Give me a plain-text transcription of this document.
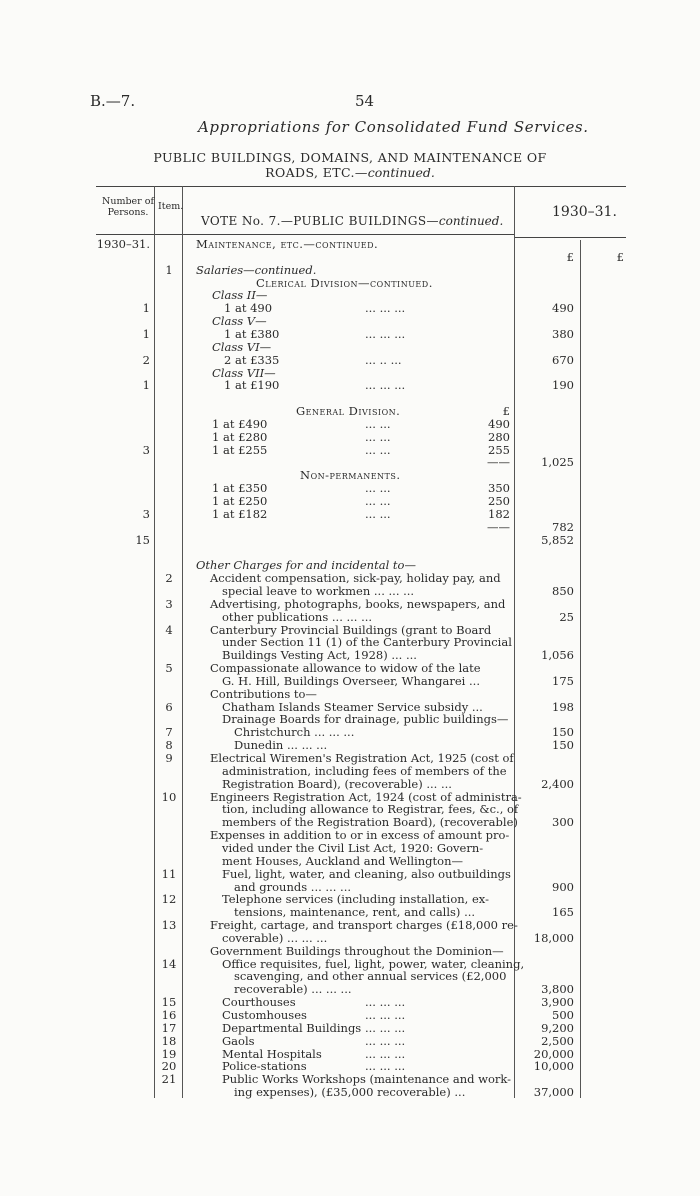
B.—7.	54
Appropriations for Consolidated Fund Services.
PUBLIC BUILDINGS, DOMAINS, AND MAINTENANCE OF
ROADS, ETC.—continued.
Number of Persons.
Item.
VOTE No. 7.—PUBLIC BUILDINGS—continued.
1930–31.
1930–31.	Maintenance, etc.—continued.
£	£
1	Salaries—continued.
Clerical Division—continued.
Class II—
1	1 at 490	... ... ...	490
Class V—
1	1 at £380	... ... ...	380
Class VI—
2	2 at £335	... .. ...	670
Class VII—
1	1 at £190	... ... ...	190
General Division.	£
1 at £490	... ...	490
1 at £280	... ...	280
3	1 at £255	... ...	255
——	1,025
Non-permanents.
1 at £350	... ...	350
1 at £250	... ...	250
3	1 at £182	... ...	182
——	782
15	5,852
Other Charges for and incidental to—
2	Accident compensation, sick-pay, holiday pay, and
special leave to workmen ... ... ...	850
3	Advertising, photographs, books, newspapers, and
other publications ... ... ...	25
4	Canterbury Provincial Buildings (grant to Board
under Section 11 (1) of the Canterbury Provincial
Buildings Vesting Act, 1928) ... ...	1,056
5	Compassionate allowance to widow of the late
G. H. Hill, Buildings Overseer, Whangarei ...	175
Contributions to—
6	Chatham Islands Steamer Service subsidy ...	198
Drainage Boards for drainage, public buildings—
7	Christchurch ... ... ...	150
8	Dunedin ... ... ...	150
9	Electrical Wiremen's Registration Act, 1925 (cost of
administration, including fees of members of the
Registration Board), (recoverable) ... ...	2,400
10	Engineers Registration Act, 1924 (cost of administra-
tion, including allowance to Registrar, fees, &c., of
members of the Registration Board), (recoverable)	300
Expenses in addition to or in excess of amount pro-
vided under the Civil List Act, 1920: Govern-
ment Houses, Auckland and Wellington—
11	Fuel, light, water, and cleaning, also outbuildings
and grounds ... ... ...	900
12	Telephone services (including installation, ex-
tensions, maintenance, rent, and calls) ...	165
13	Freight, cartage, and transport charges (£18,000 re-
coverable) ... ... ...	18,000
Government Buildings throughout the Dominion—
14	Office requisites, fuel, light, power, water, cleaning,
scavenging, and other annual services (£2,000
recoverable) ... ... ...	3,800
15	Courthouses	... ... ...	3,900
16	Customhouses	... ... ...	500
17	Departmental Buildings ... ... ...	9,200
18	Gaols	... ... ...	2,500
19	Mental Hospitals	... ... ...	20,000
20	Police-stations	... ... ...	10,000
21	Public Works Workshops (maintenance and work-
ing expenses), (£35,000 recoverable) ...	37,000
